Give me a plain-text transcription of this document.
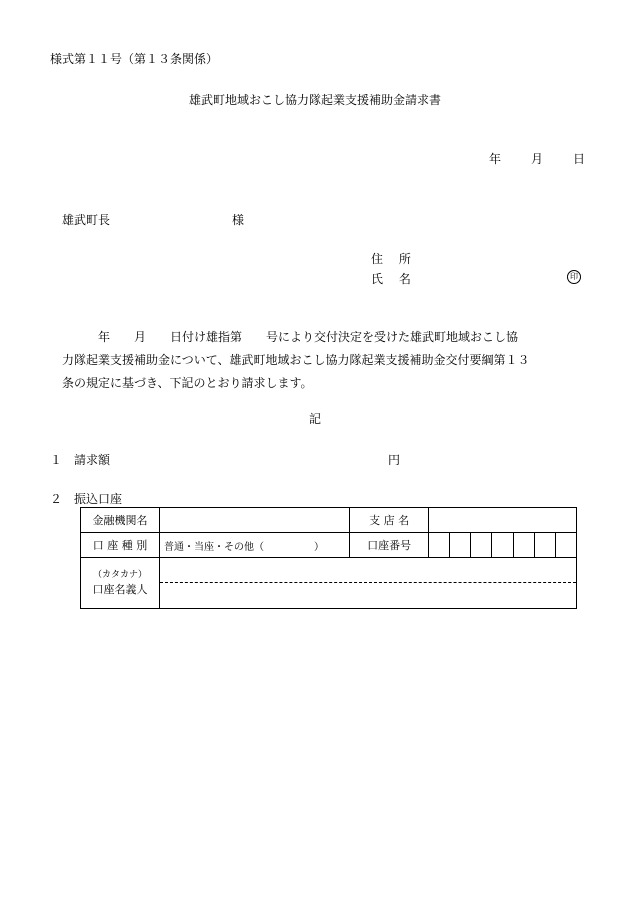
様式第１１号（第１３条関係）
雄武町地域おこし協力隊起業支援補助金請求書
年	月	日
雄武町長	様
住 所
氏 名	印
　　　年　　月　　日付け雄指第　　号により交付決定を受けた雄武町地域おこし協
力隊起業支援補助金について、雄武町地域おこし協力隊起業支援補助金交付要綱第１３
条の規定に基づき、下記のとおり請求します。
記
１ 請求額	円
２ 振込口座
金融機関名		支 店 名							
口 座 種 別	普通・当座・その他（　　　　　）	口座番号							

（カタカナ）
口座名義人									
